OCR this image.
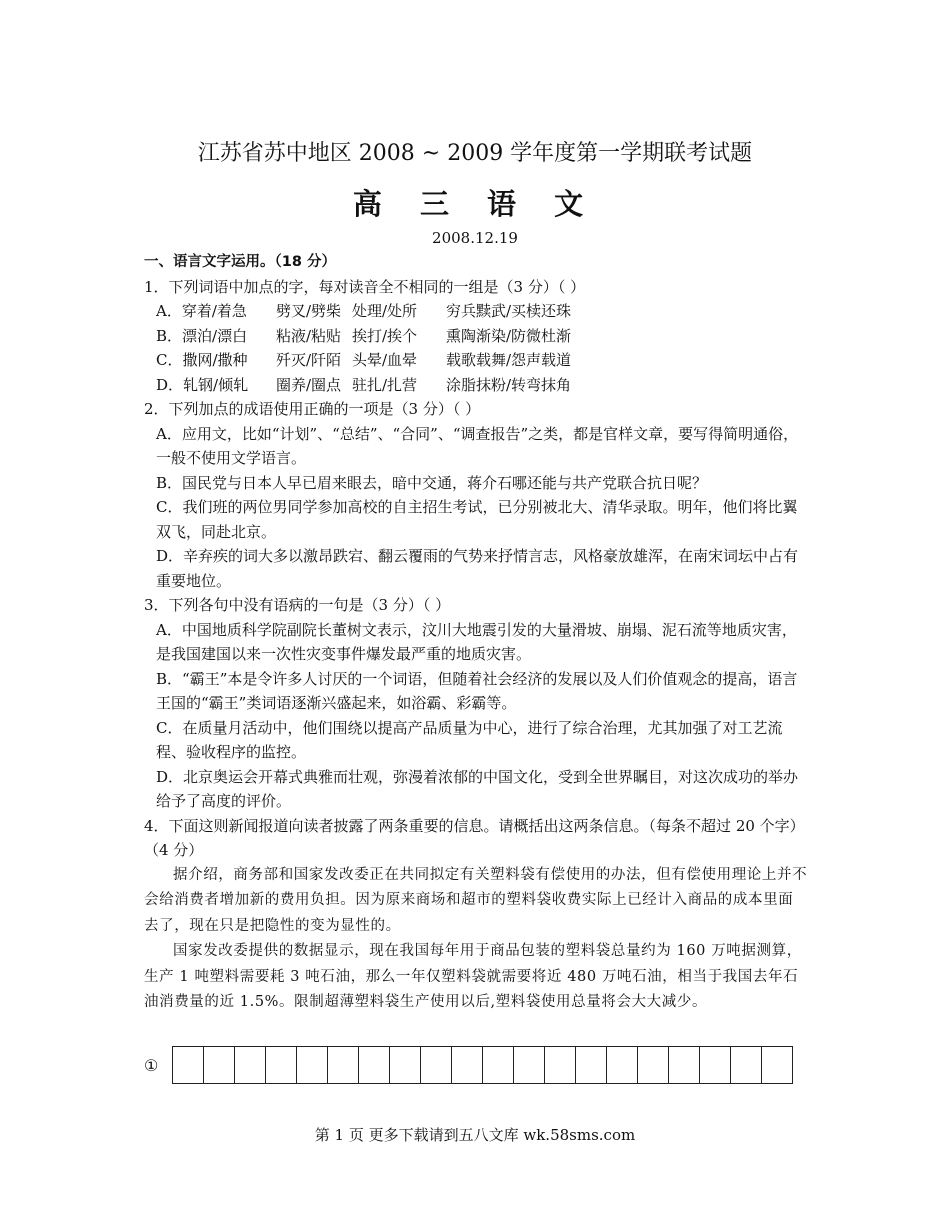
江苏省苏中地区 2008 ~ 2009 学年度第一学期联考试题
高 三 语 文
2008.12.19

一、语言文字运用。（18 分）

1．下列词语中加点的字，每对读音全不相同的一组是（3 分）（ ）

A．穿着/着急	劈叉/劈柴 处理/处所	穷兵黩武/买椟还珠
B．漂泊/漂白	粘液/粘贴 挨打/挨个	熏陶渐染/防微杜渐
C．撒网/撒种	歼灭/阡陌 头晕/血晕	载歌载舞/怨声载道
D．轧钢/倾轧	圈养/圈点 驻扎/扎营	涂脂抹粉/转弯抹角

2．下列加点的成语使用正确的一项是（3 分）（ ）

A．应用文，比如“计划”、“总结”、“合同”、“调查报告”之类，都是官样文章，要写得简明通俗，一般不使用文学语言。

B．国民党与日本人早已眉来眼去，暗中交通，蒋介石哪还能与共产党联合抗日呢？

C．我们班的两位男同学参加高校的自主招生考试，已分别被北大、清华录取。明年，他们将比翼双飞，同赴北京。

D．辛弃疾的词大多以激昂跌宕、翻云覆雨的气势来抒情言志，风格豪放雄浑，在南宋词坛中占有重要地位。

3．下列各句中没有语病的一句是（3 分）（ ）

A．中国地质科学院副院长董树文表示，汶川大地震引发的大量滑坡、崩塌、泥石流等地质灾害，是我国建国以来一次性灾变事件爆发最严重的地质灾害。

B．“霸王”本是令许多人讨厌的一个词语，但随着社会经济的发展以及人们价值观念的提高，语言王国的“霸王”类词语逐渐兴盛起来，如浴霸、彩霸等。

C．在质量月活动中，他们围绕以提高产品质量为中心，进行了综合治理，尤其加强了对工艺流程、验收程序的监控。

D．北京奥运会开幕式典雅而壮观，弥漫着浓郁的中国文化，受到全世界瞩目，对这次成功的举办给予了高度的评价。

4．下面这则新闻报道向读者披露了两条重要的信息。请概括出这两条信息。（每条不超过 20 个字）（4 分）

据介绍，商务部和国家发改委正在共同拟定有关塑料袋有偿使用的办法，但有偿使用理论上并不会给消费者增加新的费用负担。因为原来商场和超市的塑料袋收费实际上已经计入商品的成本里面去了，现在只是把隐性的变为显性的。

国家发改委提供的数据显示，现在我国每年用于商品包装的塑料袋总量约为 160 万吨据测算，生产 1 吨塑料需要耗 3 吨石油，那么一年仅塑料袋就需要将近 480 万吨石油，相当于我国去年石油消费量的近 1.5%。限制超薄塑料袋生产使用以后,塑料袋使用总量将会大大减少。

①
第 1 页 更多下载请到五八文库 wk.58sms.com
